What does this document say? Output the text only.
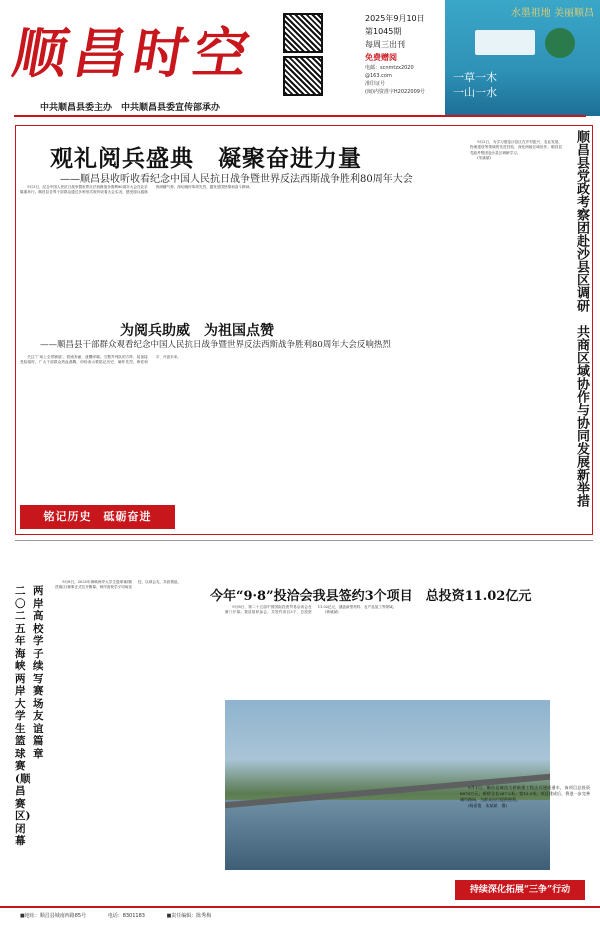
顺昌时空
2025年9月10日
第1045期
每周三出刊
免费赠阅
电邮：scnmtzx2020
@163.com
准印证号
(闽)内资准字H2022009号
水墨祖地 美丽顺昌
一草一木
一山一水
中共顺昌县委主办　中共顺昌县委宣传部承办
观礼阅兵盛典　凝聚奋进力量
——顺昌县收听收看纪念中国人民抗日战争暨世界反法西斯战争胜利80周年大会

9月3日，纪念中国人民抗日战争暨世界反法西斯战争胜利80周年大会在北京隆重举行。顺昌县各界干部群众通过多种形式收听收看大会实况，感受阅兵盛典的磅礴气势，深切缅怀革命先烈，激发爱国热情和奋斗精神。

为阅兵助威　为祖国点赞
——顺昌县干部群众观看纪念中国人民抗日战争暨世界反法西斯战争胜利80周年大会反响热烈

关注‘广场上全景铺展’，铁流奔涌，战鹰呼啸。当整齐列队的方阵、装备接受检阅时，广大干部群众热血沸腾，纷纷表示要铭记历史、缅怀先烈、珍爱和平、开创未来。

铭记历史　砥砺奋进

9月2日，为学习借鉴沙县区在乡村振兴、农业发展、物流建设等领域的先进经验，深化两地区域协作，顺昌县党政考察团赴沙县区调研学习。

(朱斌斌)	顺昌县党政考察团赴沙县区调研　共商区域协作与协同发展新举措
二〇二五年海峡两岸大学生篮球赛(顺昌赛区)闭幕
两岸高校学子续写赛场友谊篇章

9月8日，2025年海峡两岸大学生篮球赛(顺昌赛区)赛事正式拉开帷幕，两岸高校学子同场竞技，以球会友，共叙情谊。

今年“9·8”投洽会我县签约3个项目　总投资11.02亿元

9月8日，第二十五届中国国际投资贸易洽谈会在厦门开幕。我县组织参会，共签约项目3个，总投资11.02亿元，涵盖新型材料、农产品加工等领域。

(黄诚斌)

9月1日，顺昌县城西大桥新建工程正式建成通车，该项目总投资6870万元，新桥全长287.2米，宽13.3米，项目建成后，将进一步完善城市路网，为群众出行提供便利。

(杨嘉俊　朱斌斌　摄)

持续深化拓展“三争”行动
■地址：顺昌县城南西路85号	电话：8301183	■责任编辑：陈秀梅
